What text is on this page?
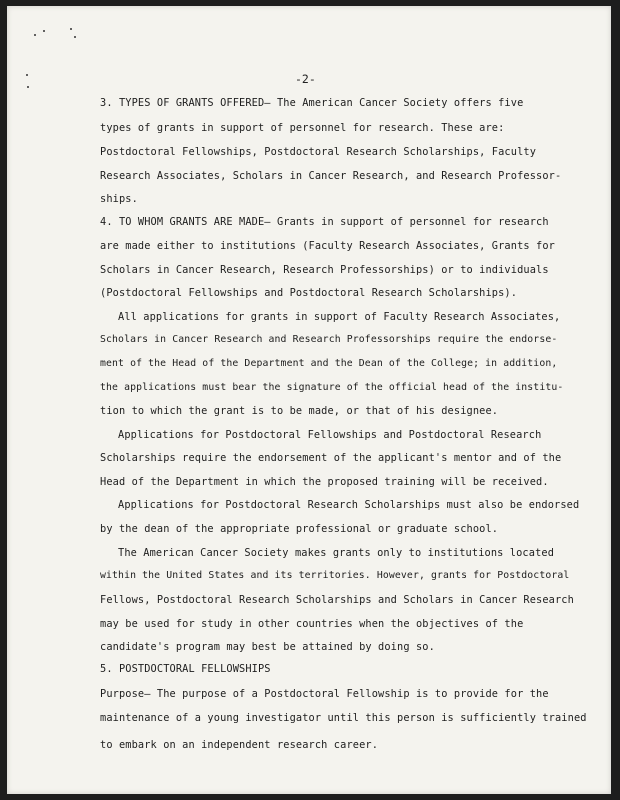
-2-
3. TYPES OF GRANTS OFFERED— The American Cancer Society offers five
types of grants in support of personnel for research. These are:
Postdoctoral Fellowships, Postdoctoral Research Scholarships, Faculty
Research Associates, Scholars in Cancer Research, and Research Professor-
ships.
4. TO WHOM GRANTS ARE MADE— Grants in support of personnel for research
are made either to institutions (Faculty Research Associates, Grants for
Scholars in Cancer Research, Research Professorships) or to individuals
(Postdoctoral Fellowships and Postdoctoral Research Scholarships).
All applications for grants in support of Faculty Research Associates,
Scholars in Cancer Research and Research Professorships require the endorse-
ment of the Head of the Department and the Dean of the College; in addition,
the applications must bear the signature of the official head of the institu-
tion to which the grant is to be made, or that of his designee.
Applications for Postdoctoral Fellowships and Postdoctoral Research
Scholarships require the endorsement of the applicant's mentor and of the
Head of the Department in which the proposed training will be received.
Applications for Postdoctoral Research Scholarships must also be endorsed
by the dean of the appropriate professional or graduate school.
The American Cancer Society makes grants only to institutions located
within the United States and its territories. However, grants for Postdoctoral
Fellows, Postdoctoral Research Scholarships and Scholars in Cancer Research
may be used for study in other countries when the objectives of the
candidate's program may best be attained by doing so.
5. POSTDOCTORAL FELLOWSHIPS
Purpose— The purpose of a Postdoctoral Fellowship is to provide for the
maintenance of a young investigator until this person is sufficiently trained
to embark on an independent research career.
